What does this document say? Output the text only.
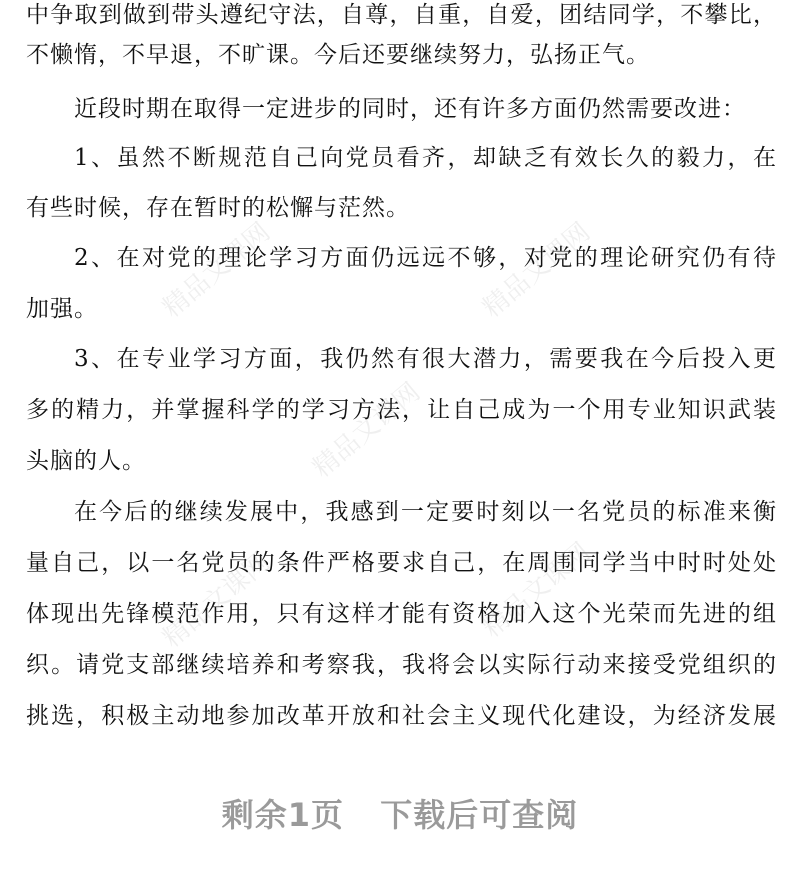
中争取到做到带头遵纪守法，自尊，自重，自爱，团结同学，不攀比，
不懒惰，不早退，不旷课。今后还要继续努力，弘扬正气。
近段时期在取得一定进步的同时，还有许多方面仍然需要改进：
1、虽然不断规范自己向党员看齐，却缺乏有效长久的毅力，在
有些时候，存在暂时的松懈与茫然。
2、在对党的理论学习方面仍远远不够，对党的理论研究仍有待
加强。
3、在专业学习方面，我仍然有很大潜力，需要我在今后投入更
多的精力，并掌握科学的学习方法，让自己成为一个用专业知识武装
头脑的人。
在今后的继续发展中，我感到一定要时刻以一名党员的标准来衡
量自己，以一名党员的条件严格要求自己，在周围同学当中时时处处
体现出先锋模范作用，只有这样才能有资格加入这个光荣而先进的组
织。请党支部继续培养和考察我，我将会以实际行动来接受党组织的
挑选，积极主动地参加改革开放和社会主义现代化建设，为经济发展
精品文课网	精品文课网
精品文课网
精品文课网	精品文课网
剩余1页 下载后可查阅
